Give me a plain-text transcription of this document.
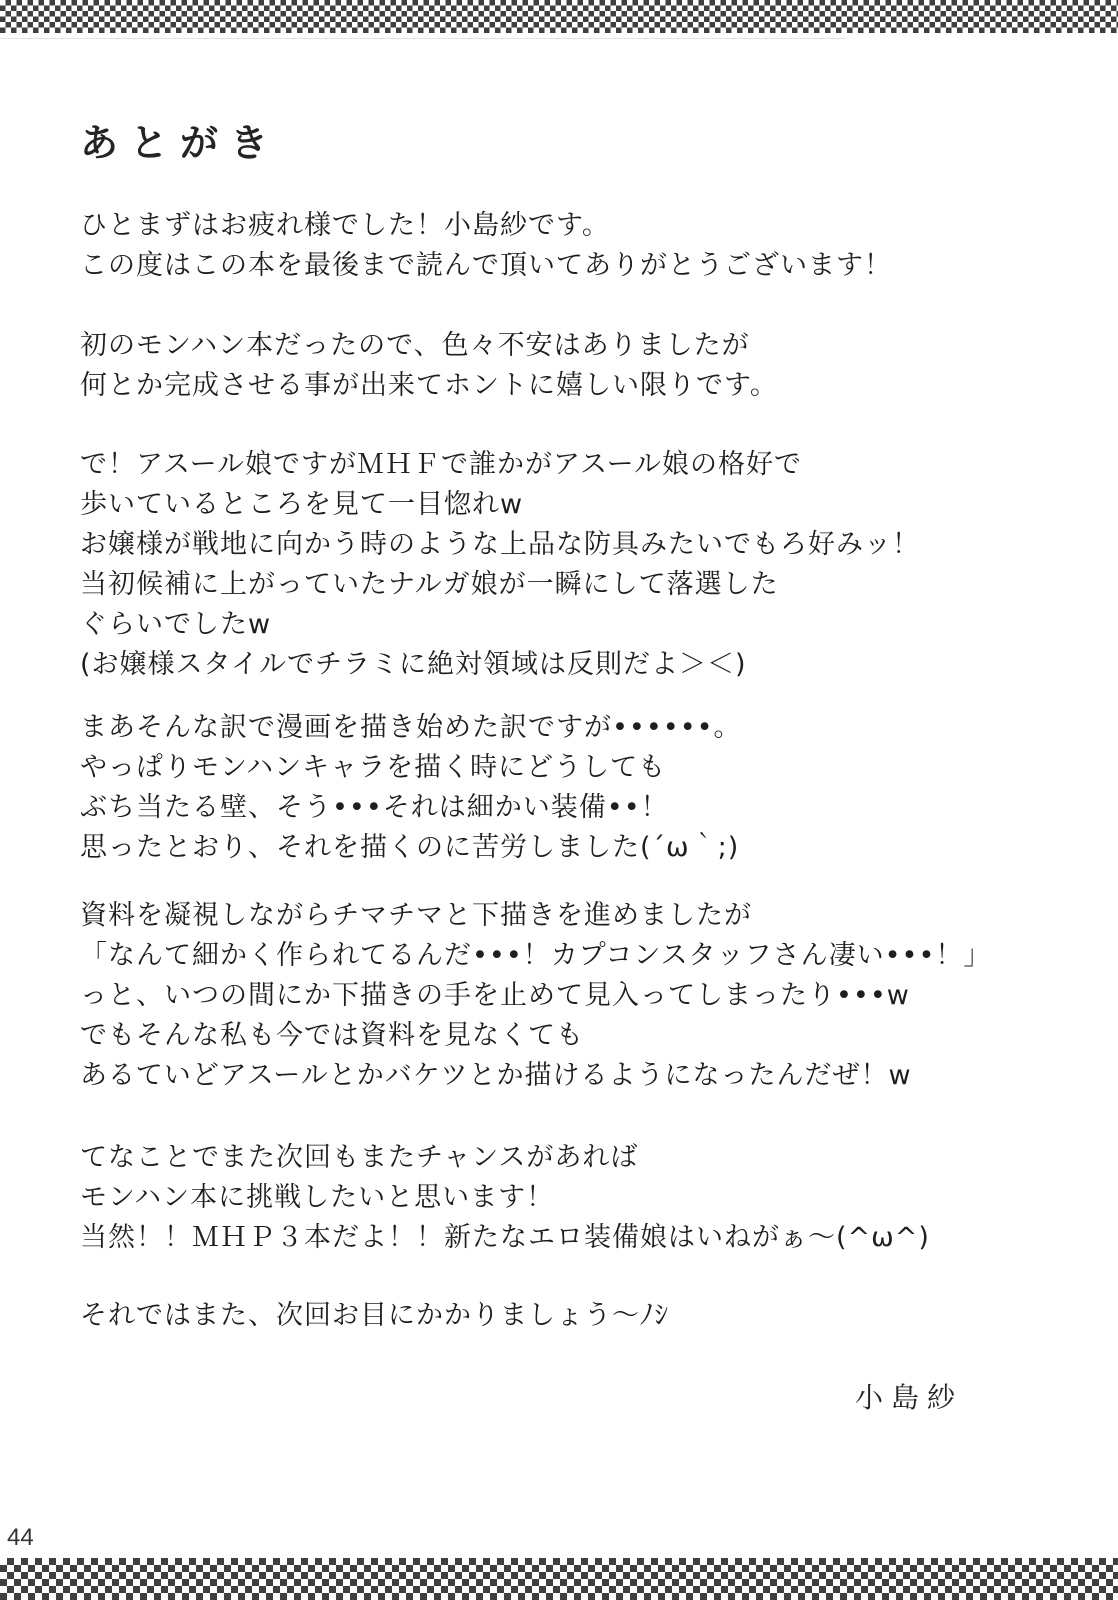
あとがき
ひとまずはお疲れ様でした！小島紗です。
この度はこの本を最後まで読んで頂いてありがとうございます！
初のモンハン本だったので、色々不安はありましたが
何とか完成させる事が出来てホントに嬉しい限りです。
で！アスール娘ですがＭＨＦで誰かがアスール娘の格好で
歩いているところを見て一目惚れw
お嬢様が戦地に向かう時のような上品な防具みたいでもろ好みッ！
当初候補に上がっていたナルガ娘が一瞬にして落選した
ぐらいでしたw
(お嬢様スタイルでチラミに絶対領域は反則だよ＞＜)
まあそんな訳で漫画を描き始めた訳ですが••••••。
やっぱりモンハンキャラを描く時にどうしても
ぶち当たる壁、そう•••それは細かい装備••！
思ったとおり、それを描くのに苦労しました(´ω｀;)
資料を凝視しながらチマチマと下描きを進めましたが
「なんて細かく作られてるんだ•••！カプコンスタッフさん凄い•••！」
っと、いつの間にか下描きの手を止めて見入ってしまったり•••w
でもそんな私も今では資料を見なくても
あるていどアスールとかバケツとか描けるようになったんだぜ！w
てなことでまた次回もまたチャンスがあれば
モンハン本に挑戦したいと思います！
当然！！ＭＨＰ３本だよ！！新たなエロ装備娘はいねがぁ～(^ω^)
それではまた、次回お目にかかりましょう～ﾉｼ
小島紗
44
